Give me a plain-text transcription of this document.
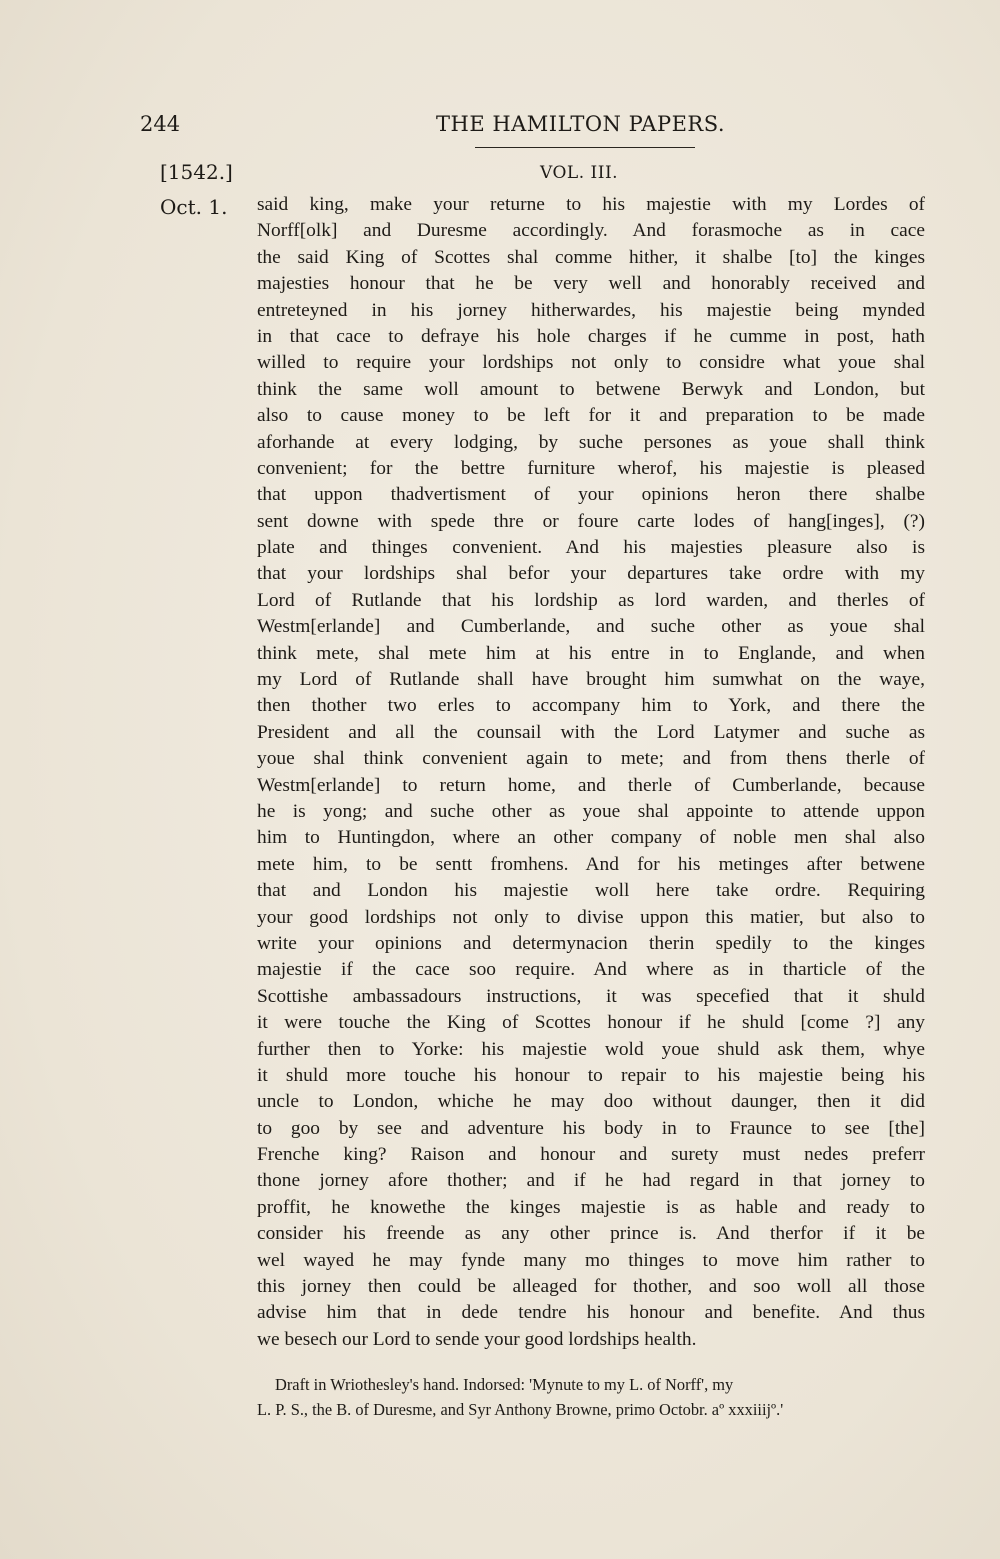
244	THE HAMILTON PAPERS.
[1542.]	VOL. III.
Oct. 1. said king, make your returne to his majestie with my Lordes of
Norff[olk] and Duresme accordingly. And forasmoche as in cace
the said King of Scottes shal comme hither, it shalbe [to] the kinges
majesties honour that he be very well and honorably received and
entreteyned in his jorney hitherwardes, his majestie being mynded
in that cace to defraye his hole charges if he cumme in post, hath
willed to require your lordships not only to considre what youe shal
think the same woll amount to betwene Berwyk and London, but
also to cause money to be left for it and preparation to be made
aforhande at every lodging, by suche persones as youe shall think
convenient; for the bettre furniture wherof, his majestie is pleased
that uppon thadvertisment of your opinions heron there shalbe
sent downe with spede thre or foure carte lodes of hang[inges], (?)
plate and thinges convenient. And his majesties pleasure also is
that your lordships shal befor your departures take ordre with my
Lord of Rutlande that his lordship as lord warden, and therles of
Westm[erlande] and Cumberlande, and suche other as youe shal
think mete, shal mete him at his entre in to Englande, and when
my Lord of Rutlande shall have brought him sumwhat on the waye,
then thother two erles to accompany him to York, and there the
President and all the counsail with the Lord Latymer and suche as
youe shal think convenient again to mete; and from thens therle of
Westm[erlande] to return home, and therle of Cumberlande, because
he is yong; and suche other as youe shal appointe to attende uppon
him to Huntingdon, where an other company of noble men shal also
mete him, to be sentt fromhens. And for his metinges after betwene
that and London his majestie woll here take ordre. Requiring
your good lordships not only to divise uppon this matier, but also to
write your opinions and determynacion therin spedily to the kinges
majestie if the cace soo require. And where as in tharticle of the
Scottishe ambassadours instructions, it was specefied that it shuld
it were touche the King of Scottes honour if he shuld [come ?] any
further then to Yorke: his majestie wold youe shuld ask them, whye
it shuld more touche his honour to repair to his majestie being his
uncle to London, whiche he may doo without daunger, then it did
to goo by see and adventure his body in to Fraunce to see [the]
Frenche king? Raison and honour and surety must nedes preferr
thone jorney afore thother; and if he had regard in that jorney to
proffit, he knowethe the kinges majestie is as hable and ready to
consider his freende as any other prince is. And therfor if it be
wel wayed he may fynde many mo thinges to move him rather to
this jorney then could be alleaged for thother, and soo woll all those
advise him that in dede tendre his honour and benefite. And thus
we besech our Lord to sende your good lordships health.
Draft in Wriothesley's hand. Indorsed: 'Mynute to my L. of Norff', my
L. P. S., the B. of Duresme, and Syr Anthony Browne, primo Octobr. aº xxxiiijº.'
